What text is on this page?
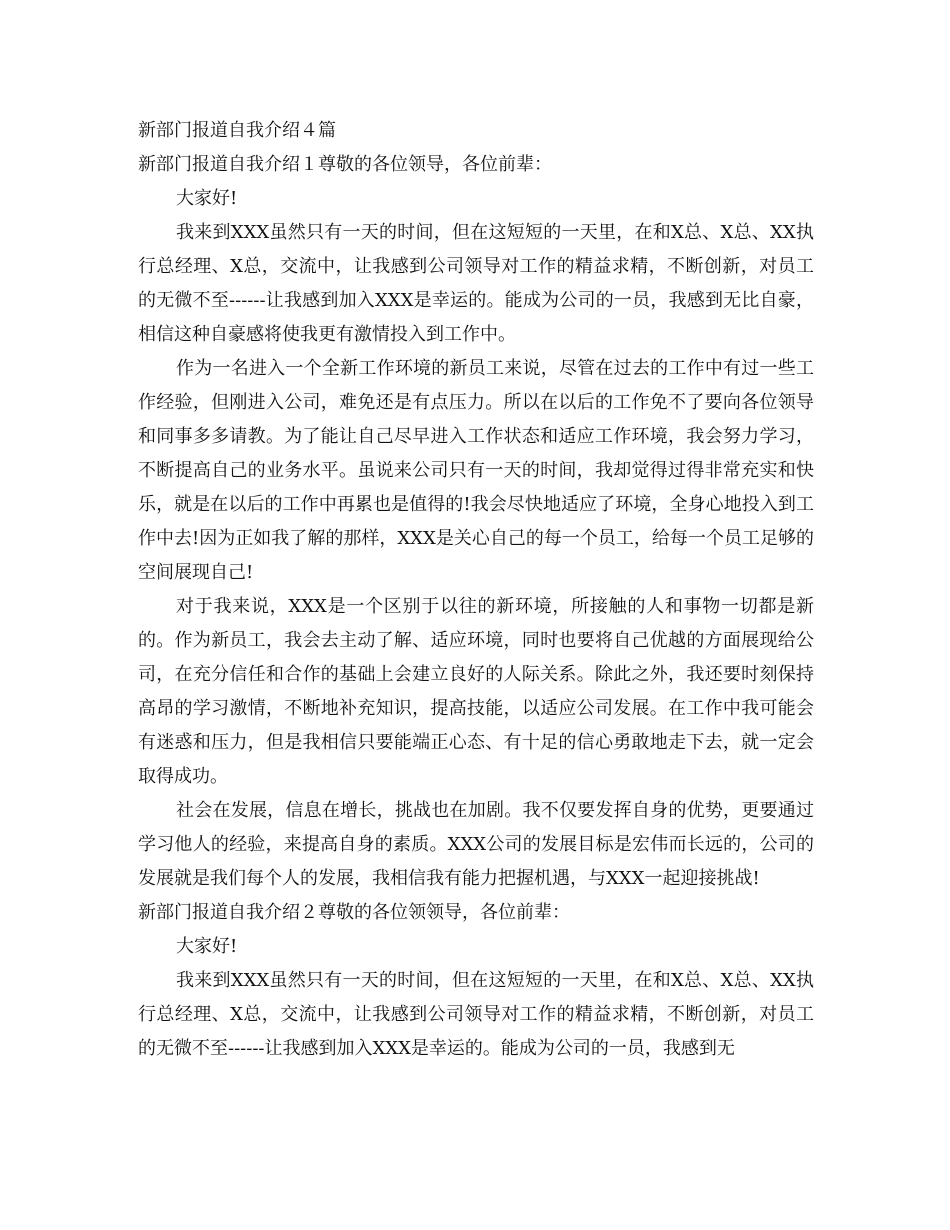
新部门报道自我介绍４篇

新部门报道自我介绍１尊敬的各位领导，各位前辈：

大家好!

我来到XXX虽然只有一天的时间，但在这短短的一天里，在和X总、X总、XX执行总经理、X总，交流中，让我感到公司领导对工作的精益求精，不断创新，对员工的无微不至------让我感到加入XXX是幸运的。能成为公司的一员，我感到无比自豪，相信这种自豪感将使我更有激情投入到工作中。

作为一名进入一个全新工作环境的新员工来说，尽管在过去的工作中有过一些工作经验，但刚进入公司，难免还是有点压力。所以在以后的工作免不了要向各位领导和同事多多请教。为了能让自己尽早进入工作状态和适应工作环境，我会努力学习，不断提高自己的业务水平。虽说来公司只有一天的时间，我却觉得过得非常充实和快乐，就是在以后的工作中再累也是值得的!我会尽快地适应了环境，全身心地投入到工作中去!因为正如我了解的那样，XXX是关心自己的每一个员工，给每一个员工足够的空间展现自己!

对于我来说，XXX是一个区别于以往的新环境，所接触的人和事物一切都是新的。作为新员工，我会去主动了解、适应环境，同时也要将自己优越的方面展现给公司，在充分信任和合作的基础上会建立良好的人际关系。除此之外，我还要时刻保持高昂的学习激情，不断地补充知识，提高技能，以适应公司发展。在工作中我可能会有迷惑和压力，但是我相信只要能端正心态、有十足的信心勇敢地走下去，就一定会取得成功。

社会在发展，信息在增长，挑战也在加剧。我不仅要发挥自身的优势，更要通过学习他人的经验，来提高自身的素质。XXX公司的发展目标是宏伟而长远的，公司的发展就是我们每个人的发展，我相信我有能力把握机遇，与XXX一起迎接挑战!

新部门报道自我介绍２尊敬的各位领领导，各位前辈：

大家好!

我来到XXX虽然只有一天的时间，但在这短短的一天里，在和X总、X总、XX执行总经理、X总，交流中，让我感到公司领导对工作的精益求精，不断创新，对员工的无微不至------让我感到加入XXX是幸运的。能成为公司的一员，我感到无
